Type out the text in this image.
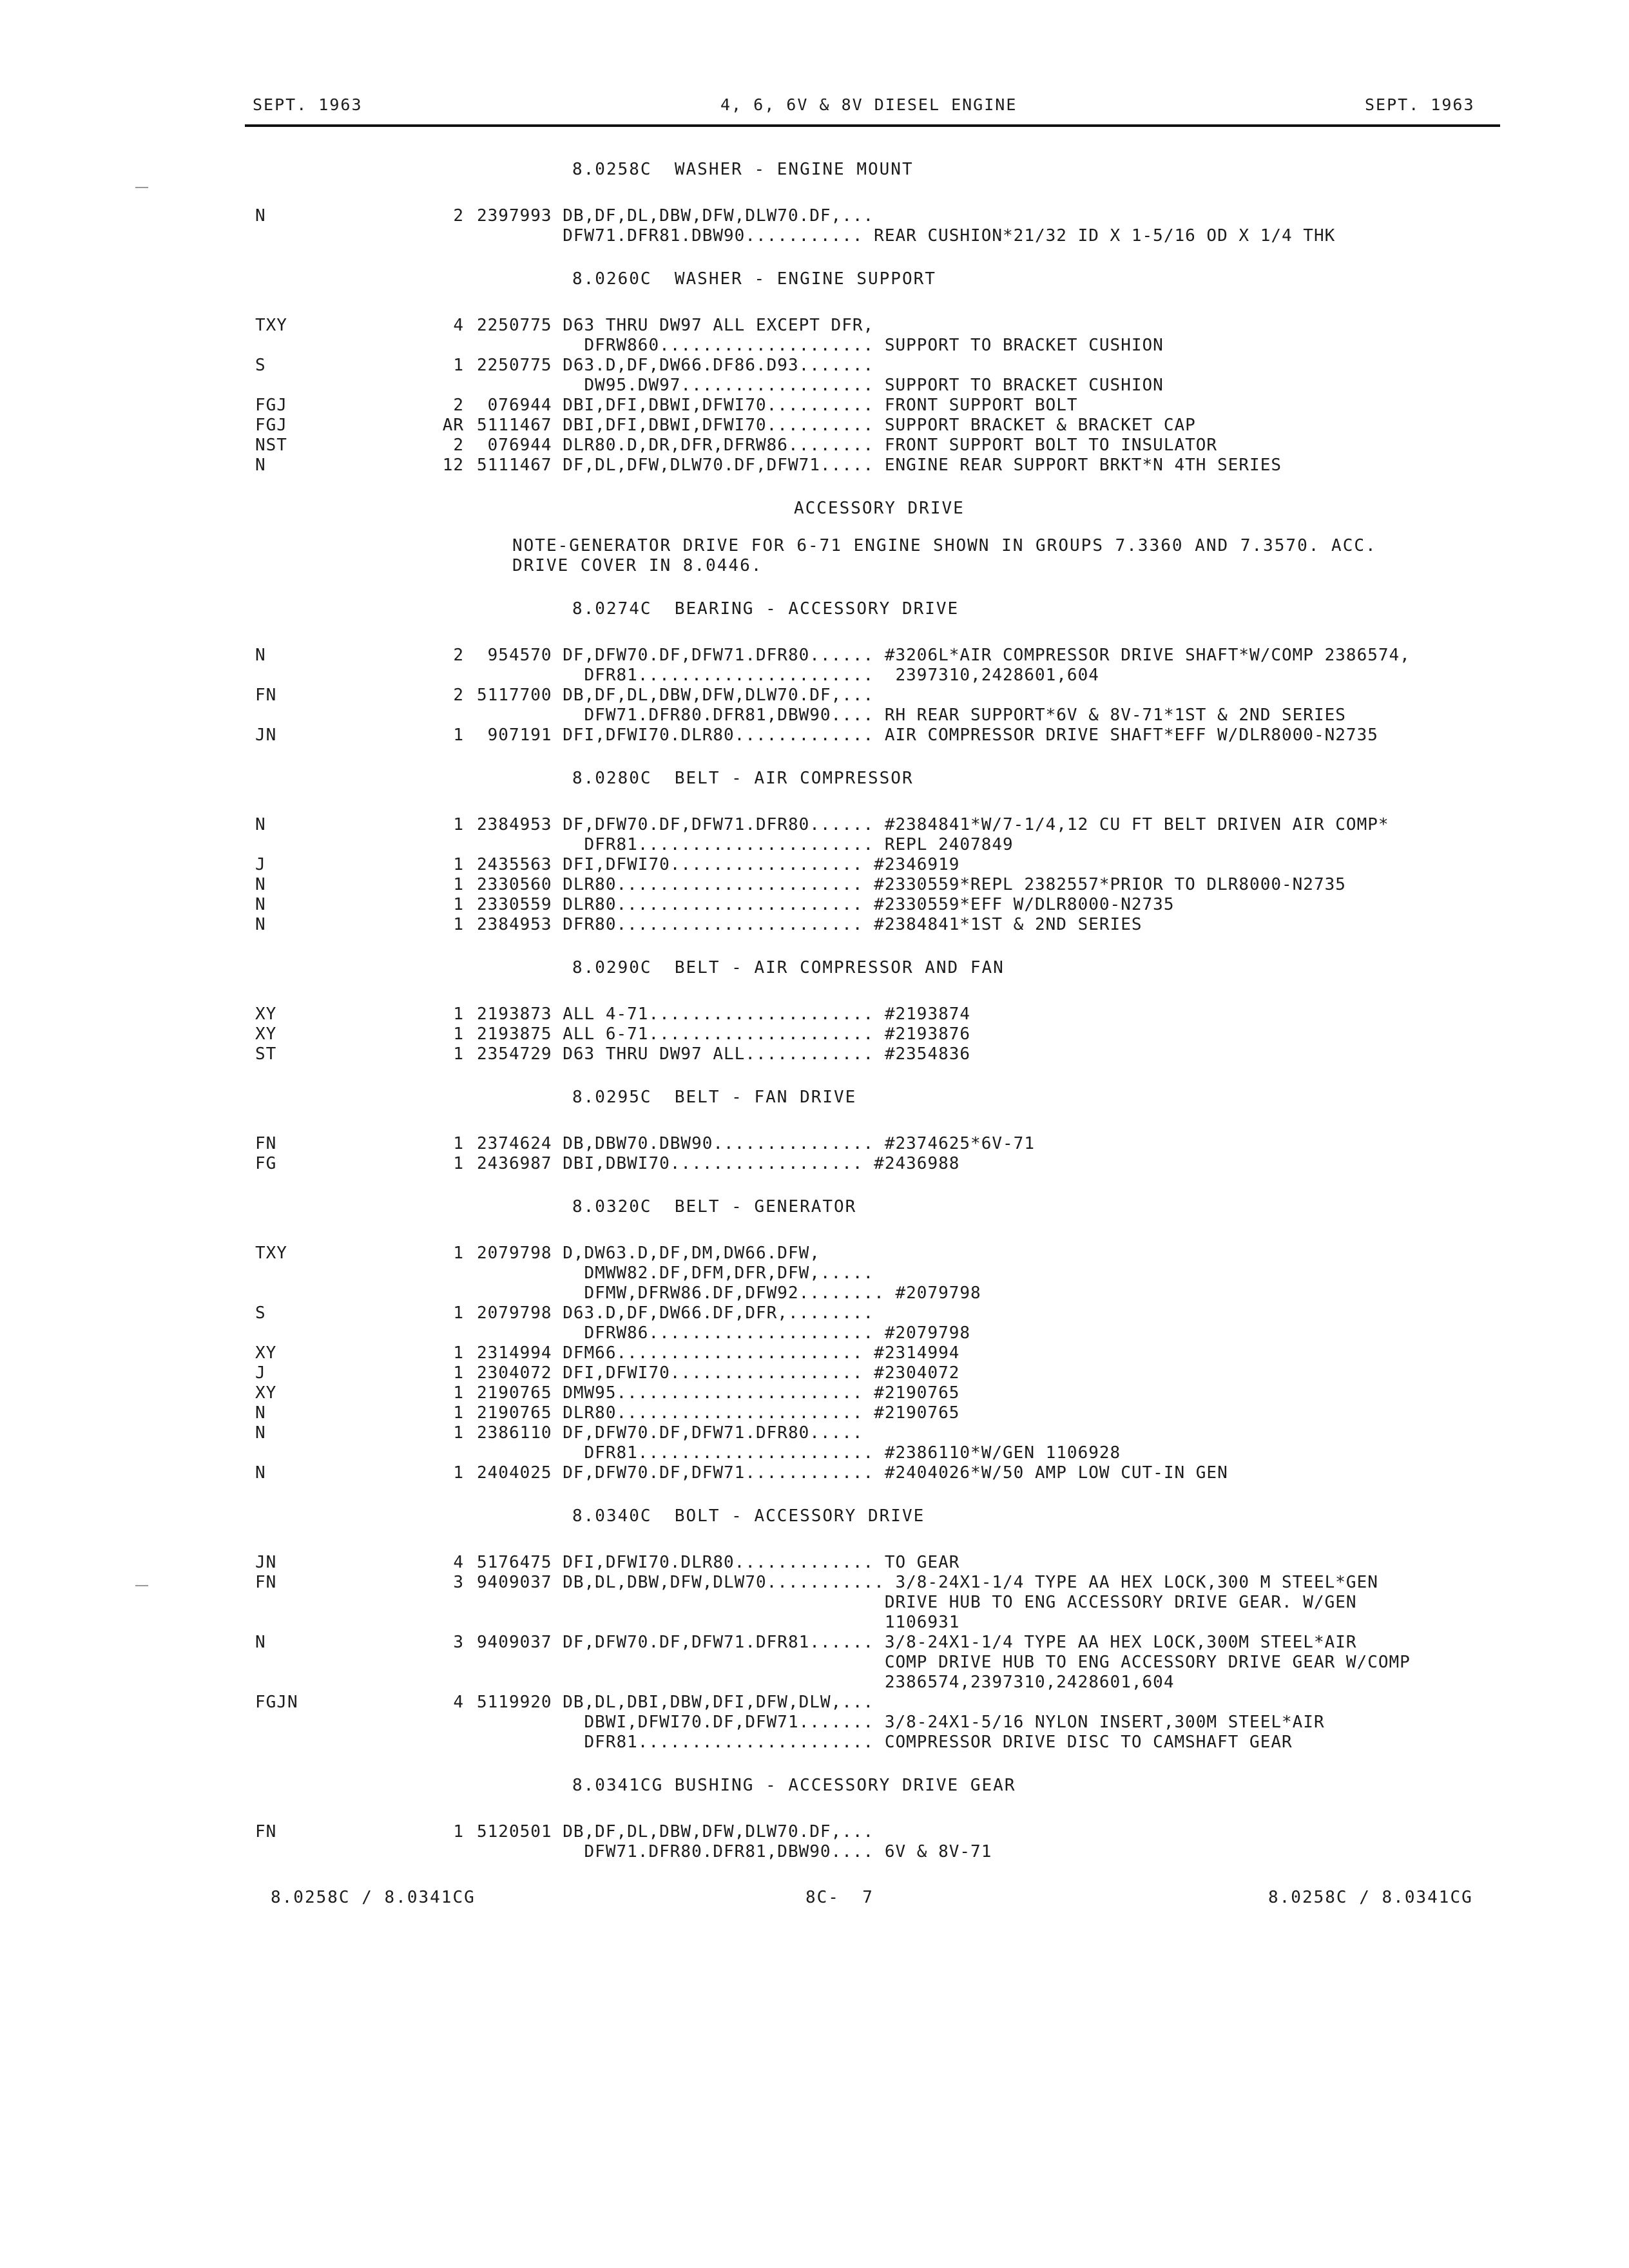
SEPT. 1963	4, 6, 6V & 8V DIESEL ENGINE	SEPT. 1963
8.0258C  WASHER - ENGINE MOUNT
N	2 2397993 DB,DF,DL,DBW,DFW,DLW70.DF,...
DFW71.DFR81.DBW90........... REAR CUSHION*21/32 ID X 1-5/16 OD X 1/4 THK
8.0260C  WASHER - ENGINE SUPPORT
TXY	4 2250775 D63 THRU DW97 ALL EXCEPT DFR,
DFRW860.................... SUPPORT TO BRACKET CUSHION
S	1 2250775 D63.D,DF,DW66.DF86.D93.......
DW95.DW97.................. SUPPORT TO BRACKET CUSHION
FGJ	2 076944 DBI,DFI,DBWI,DFWI70.......... FRONT SUPPORT BOLT
FGJ	AR 5111467 DBI,DFI,DBWI,DFWI70.......... SUPPORT BRACKET & BRACKET CAP
NST	2 076944 DLR80.D,DR,DFR,DFRW86........ FRONT SUPPORT BOLT TO INSULATOR
N	12 5111467 DF,DL,DFW,DLW70.DF,DFW71..... ENGINE REAR SUPPORT BRKT*N 4TH SERIES
ACCESSORY DRIVE
NOTE-GENERATOR DRIVE FOR 6-71 ENGINE SHOWN IN GROUPS 7.3360 AND 7.3570. ACC.
DRIVE COVER IN 8.0446.
8.0274C  BEARING - ACCESSORY DRIVE
N	2 954570 DF,DFW70.DF,DFW71.DFR80...... #3206L*AIR COMPRESSOR DRIVE SHAFT*W/COMP 2386574,
DFR81......................  2397310,2428601,604
FN	2 5117700 DB,DF,DL,DBW,DFW,DLW70.DF,...
DFW71.DFR80.DFR81,DBW90.... RH REAR SUPPORT*6V & 8V-71*1ST & 2ND SERIES
JN	1 907191 DFI,DFWI70.DLR80............. AIR COMPRESSOR DRIVE SHAFT*EFF W/DLR8000-N2735
8.0280C  BELT - AIR COMPRESSOR
N	1 2384953 DF,DFW70.DF,DFW71.DFR80...... #2384841*W/7-1/4,12 CU FT BELT DRIVEN AIR COMP*
DFR81...................... REPL 2407849
J	1 2435563 DFI,DFWI70.................. #2346919
N	1 2330560 DLR80....................... #2330559*REPL 2382557*PRIOR TO DLR8000-N2735
N	1 2330559 DLR80....................... #2330559*EFF W/DLR8000-N2735
N	1 2384953 DFR80....................... #2384841*1ST & 2ND SERIES
8.0290C  BELT - AIR COMPRESSOR AND FAN
XY	1 2193873 ALL 4-71..................... #2193874
XY	1 2193875 ALL 6-71..................... #2193876
ST	1 2354729 D63 THRU DW97 ALL............ #2354836
8.0295C  BELT - FAN DRIVE
FN	1 2374624 DB,DBW70.DBW90............... #2374625*6V-71
FG	1 2436987 DBI,DBWI70.................. #2436988
8.0320C  BELT - GENERATOR
TXY	1 2079798 D,DW63.D,DF,DM,DW66.DFW,
DMWW82.DF,DFM,DFR,DFW,.....
DFMW,DFRW86.DF,DFW92........ #2079798
S	1 2079798 D63.D,DF,DW66.DF,DFR,........
DFRW86..................... #2079798
XY	1 2314994 DFM66....................... #2314994
J	1 2304072 DFI,DFWI70.................. #2304072
XY	1 2190765 DMW95....................... #2190765
N	1 2190765 DLR80....................... #2190765
N	1 2386110 DF,DFW70.DF,DFW71.DFR80.....
DFR81...................... #2386110*W/GEN 1106928
N	1 2404025 DF,DFW70.DF,DFW71............ #2404026*W/50 AMP LOW CUT-IN GEN
8.0340C  BOLT - ACCESSORY DRIVE
JN	4 5176475 DFI,DFWI70.DLR80............. TO GEAR
FN	3 9409037 DB,DL,DBW,DFW,DLW70........... 3/8-24X1-1/4 TYPE AA HEX LOCK,300 M STEEL*GEN
DRIVE HUB TO ENG ACCESSORY DRIVE GEAR. W/GEN
1106931
N	3 9409037 DF,DFW70.DF,DFW71.DFR81...... 3/8-24X1-1/4 TYPE AA HEX LOCK,300M STEEL*AIR
COMP DRIVE HUB TO ENG ACCESSORY DRIVE GEAR W/COMP
2386574,2397310,2428601,604
FGJN	4 5119920 DB,DL,DBI,DBW,DFI,DFW,DLW,...
DBWI,DFWI70.DF,DFW71....... 3/8-24X1-5/16 NYLON INSERT,300M STEEL*AIR
DFR81...................... COMPRESSOR DRIVE DISC TO CAMSHAFT GEAR
8.0341CG BUSHING - ACCESSORY DRIVE GEAR
FN	1 5120501 DB,DF,DL,DBW,DFW,DLW70.DF,...
DFW71.DFR80.DFR81,DBW90.... 6V & 8V-71
8.0258C / 8.0341CG	8C-  7	8.0258C / 8.0341CG
